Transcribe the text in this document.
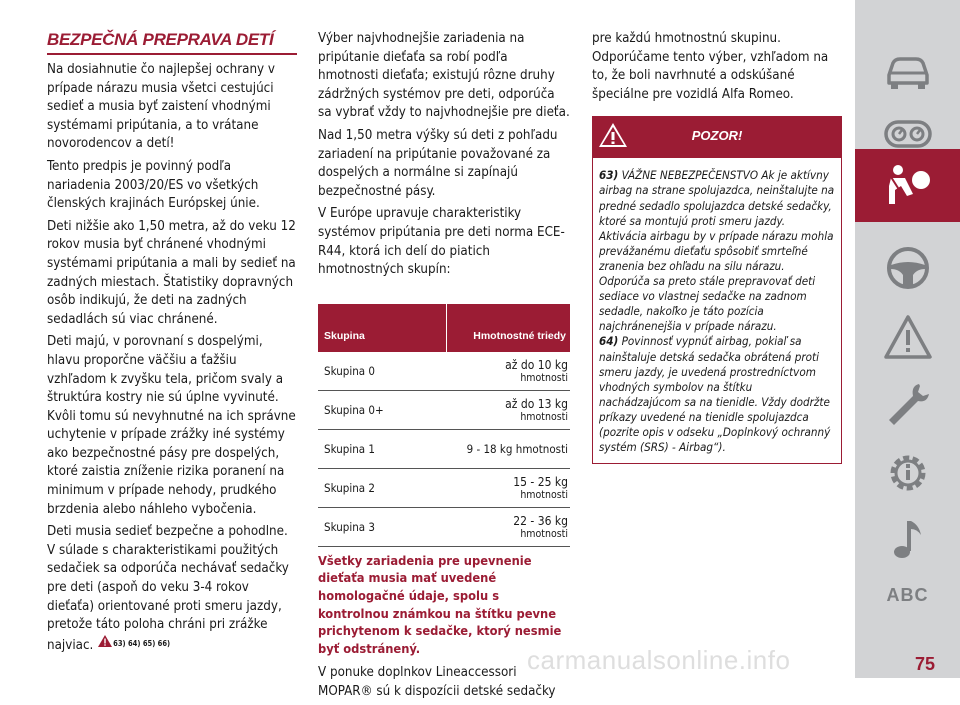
BEZPEČNÁ PREPRAVA DETÍ

Na dosiahnutie čo najlepšej ochrany v prípade nárazu musia všetci cestujúci sedieť a musia byť zaistení vhodnými systémami pripútania, a to vrátane novorodencov a detí!

Tento predpis je povinný podľa nariadenia 2003/20/ES vo všetkých členských krajinách Európskej únie.

Deti nižšie ako 1,50 metra, až do veku 12 rokov musia byť chránené vhodnými systémami pripútania a mali by sedieť na zadných miestach. Štatistiky dopravných osôb indikujú, že deti na zadných sedadlách sú viac chránené.

Deti majú, v porovnaní s dospelými, hlavu proporčne väčšiu a ťažšiu vzhľadom k zvyšku tela, pričom svaly a štruktúra kostry nie sú úplne vyvinuté. Kvôli tomu sú nevyhnutné na ich správne uchytenie v prípade zrážky iné systémy ako bezpečnostné pásy pre dospelých, ktoré zaistia zníženie rizika poranení na minimum v prípade nehody, prudkého brzdenia alebo náhleho vybočenia.

Deti musia sedieť bezpečne a pohodlne. V súlade s charakteristikami použitých sedačiek sa odporúča nechávať sedačky pre deti (aspoň do veku 3-4 rokov dieťaťa) orientované proti smeru jazdy, pretože táto poloha chráni pri zrážke najviac.	$^{63) 64) 65) 66)}$

Výber najvhodnejšie zariadenia na pripútanie dieťaťa sa robí podľa hmotnosti dieťaťa; existujú rôzne druhy zádržných systémov pre deti, odporúča sa vybrať vždy to najvhodnejšie pre dieťa.

Nad 1,50 metra výšky sú deti z pohľadu zariadení na pripútanie považované za dospelých a normálne si zapínajú bezpečnostné pásy.

V Európe upravuje charakteristiky systémov pripútania pre deti norma ECE-R44, ktorá ich delí do piatich hmotnostných skupín:

Skupina	Hmotnostné triedy
Skupina 0	až do 10 kg
hmotnosti

Skupina 0+	až do 13 kg
hmotnosti

Skupina 1	9 - 18 kg hmotnosti
Skupina 2	15 - 25 kg
hmotnosti

Skupina 3	22 - 36 kg
hmotnosti

Všetky zariadenia pre upevnenie dieťaťa musia mať uvedené homologačné údaje, spolu s kontrolnou známkou na štítku pevne prichytenom k sedačke, ktorý nesmie byť odstránený.

V ponuke doplnkov Lineaccessori MOPAR® sú k dispozícii detské sedačky

pre každú hmotnostnú skupinu. Odporúčame tento výber, vzhľadom na to, že boli navrhnuté a odskúšané špeciálne pre vozidlá Alfa Romeo.

POZOR!
63) VÁŽNE NEBEZPEČENSTVO Ak je aktívny airbag na strane spolujazdca, neinštalujte na predné sedadlo spolujazdca detské sedačky, ktoré sa montujú proti smeru jazdy. Aktivácia airbagu by v prípade nárazu mohla prevážanému dieťaťu spôsobiť smrteľné zranenia bez ohľadu na silu nárazu. Odporúča sa preto stále prepravovať deti sediace vo vlastnej sedačke na zadnom sedadle, nakoľko je táto pozícia najchránenejšia v prípade nárazu.
64) Povinnosť vypnúť airbag, pokiaľ sa nainštaluje detská sedačka obrátená proti smeru jazdy, je uvedená prostredníctvom vhodných symbolov na štítku nachádzajúcom sa na tienidle. Vždy dodržte príkazy uvedené na tienidle spolujazdca (pozrite opis v odseku „Doplnkový ochranný systém (SRS) - Airbag“).
ABC
carmanualsonline.info	75
